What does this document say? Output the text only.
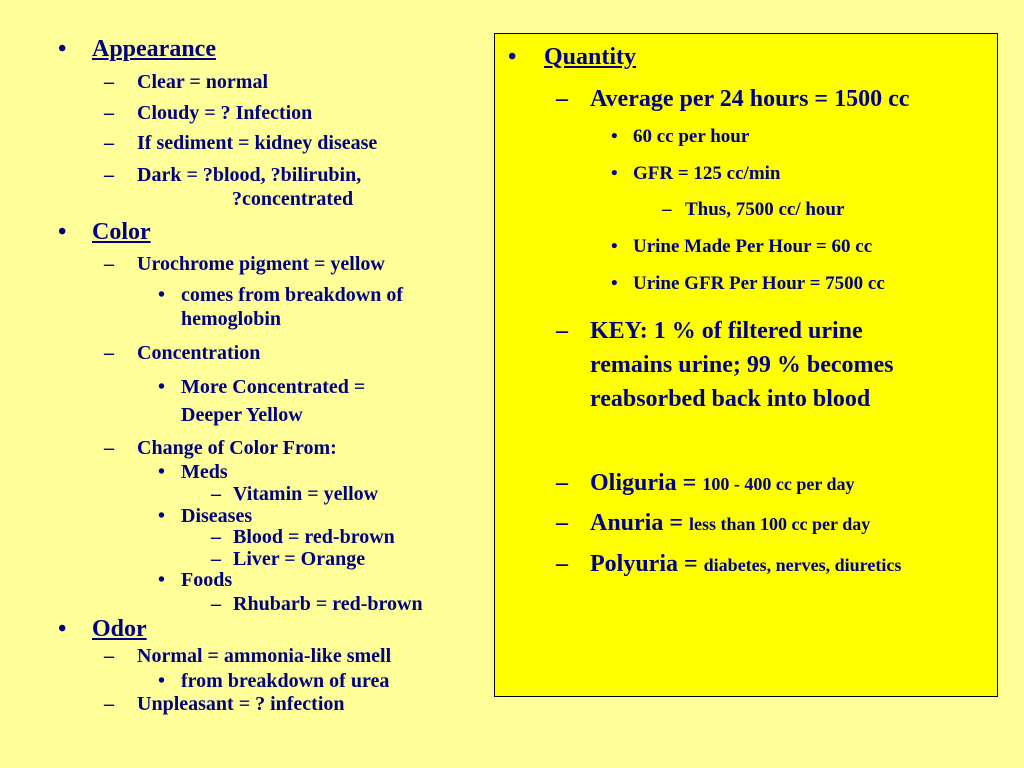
• Appearance
– Clear = normal
– Cloudy = ? Infection
– If sediment = kidney disease
– Dark = ?blood, ?bilirubin,
?concentrated
• Color
– Urochrome pigment = yellow
• comes from breakdown of
hemoglobin
– Concentration
• More Concentrated =
Deeper Yellow
– Change of Color From:
• Meds
– Vitamin = yellow
• Diseases
– Blood = red-brown
– Liver = Orange
• Foods
– Rhubarb = red-brown
• Odor
– Normal = ammonia-like smell
• from breakdown of urea
– Unpleasant = ? infection
• Quantity
– Average per 24 hours = 1500 cc
• 60 cc per hour
• GFR = 125 cc/min
– Thus, 7500 cc/ hour
• Urine Made Per Hour = 60 cc
• Urine GFR Per Hour = 7500 cc
– KEY: 1 % of filtered urine
remains urine; 99 % becomes
reabsorbed back into blood
– Oliguria = 100 - 400 cc per day
– Anuria = less than 100 cc per day
– Polyuria = diabetes, nerves, diuretics
